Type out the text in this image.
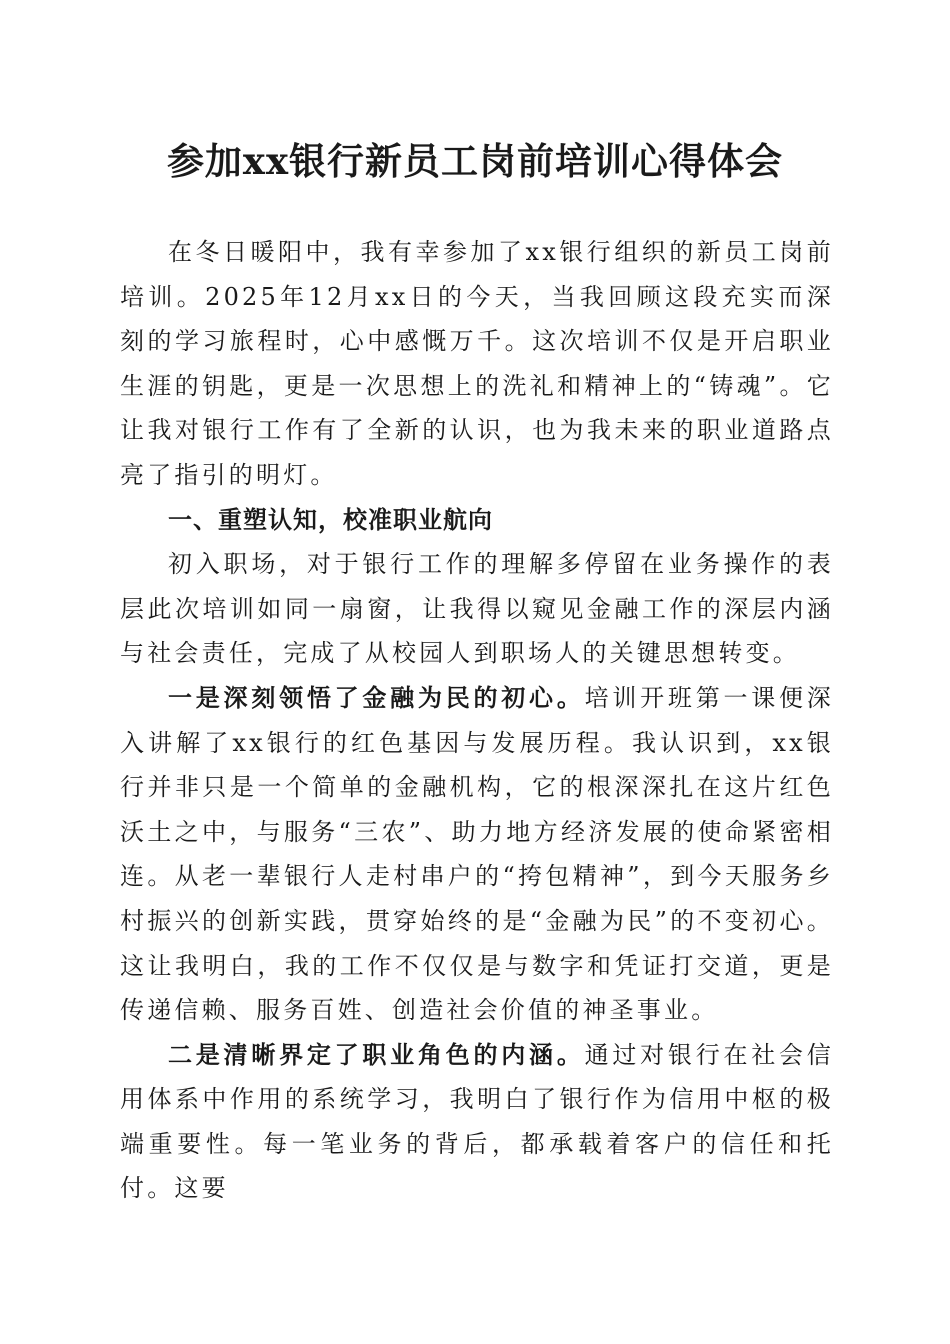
参加xx银行新员工岗前培训心得体会

在冬日暖阳中，我有幸参加了xx银行组织的新员工岗前培训。2025年12月xx日的今天，当我回顾这段充实而深刻的学习旅程时，心中感慨万千。这次培训不仅是开启职业生涯的钥匙，更是一次思想上的洗礼和精神上的“铸魂”。它让我对银行工作有了全新的认识，也为我未来的职业道路点亮了指引的明灯。

一、重塑认知，校准职业航向

初入职场，对于银行工作的理解多停留在业务操作的表层此次培训如同一扇窗，让我得以窥见金融工作的深层内涵与社会责任，完成了从校园人到职场人的关键思想转变。

一是深刻领悟了金融为民的初心。培训开班第一课便深入讲解了xx银行的红色基因与发展历程。我认识到，xx银行并非只是一个简单的金融机构，它的根深深扎在这片红色沃土之中，与服务“三农”、助力地方经济发展的使命紧密相连。从老一辈银行人走村串户的“挎包精神”，到今天服务乡村振兴的创新实践，贯穿始终的是“金融为民”的不变初心。这让我明白，我的工作不仅仅是与数字和凭证打交道，更是传递信赖、服务百姓、创造社会价值的神圣事业。

二是清晰界定了职业角色的内涵。通过对银行在社会信用体系中作用的系统学习，我明白了银行作为信用中枢的极端重要性。每一笔业务的背后，都承载着客户的信任和托付。这要
